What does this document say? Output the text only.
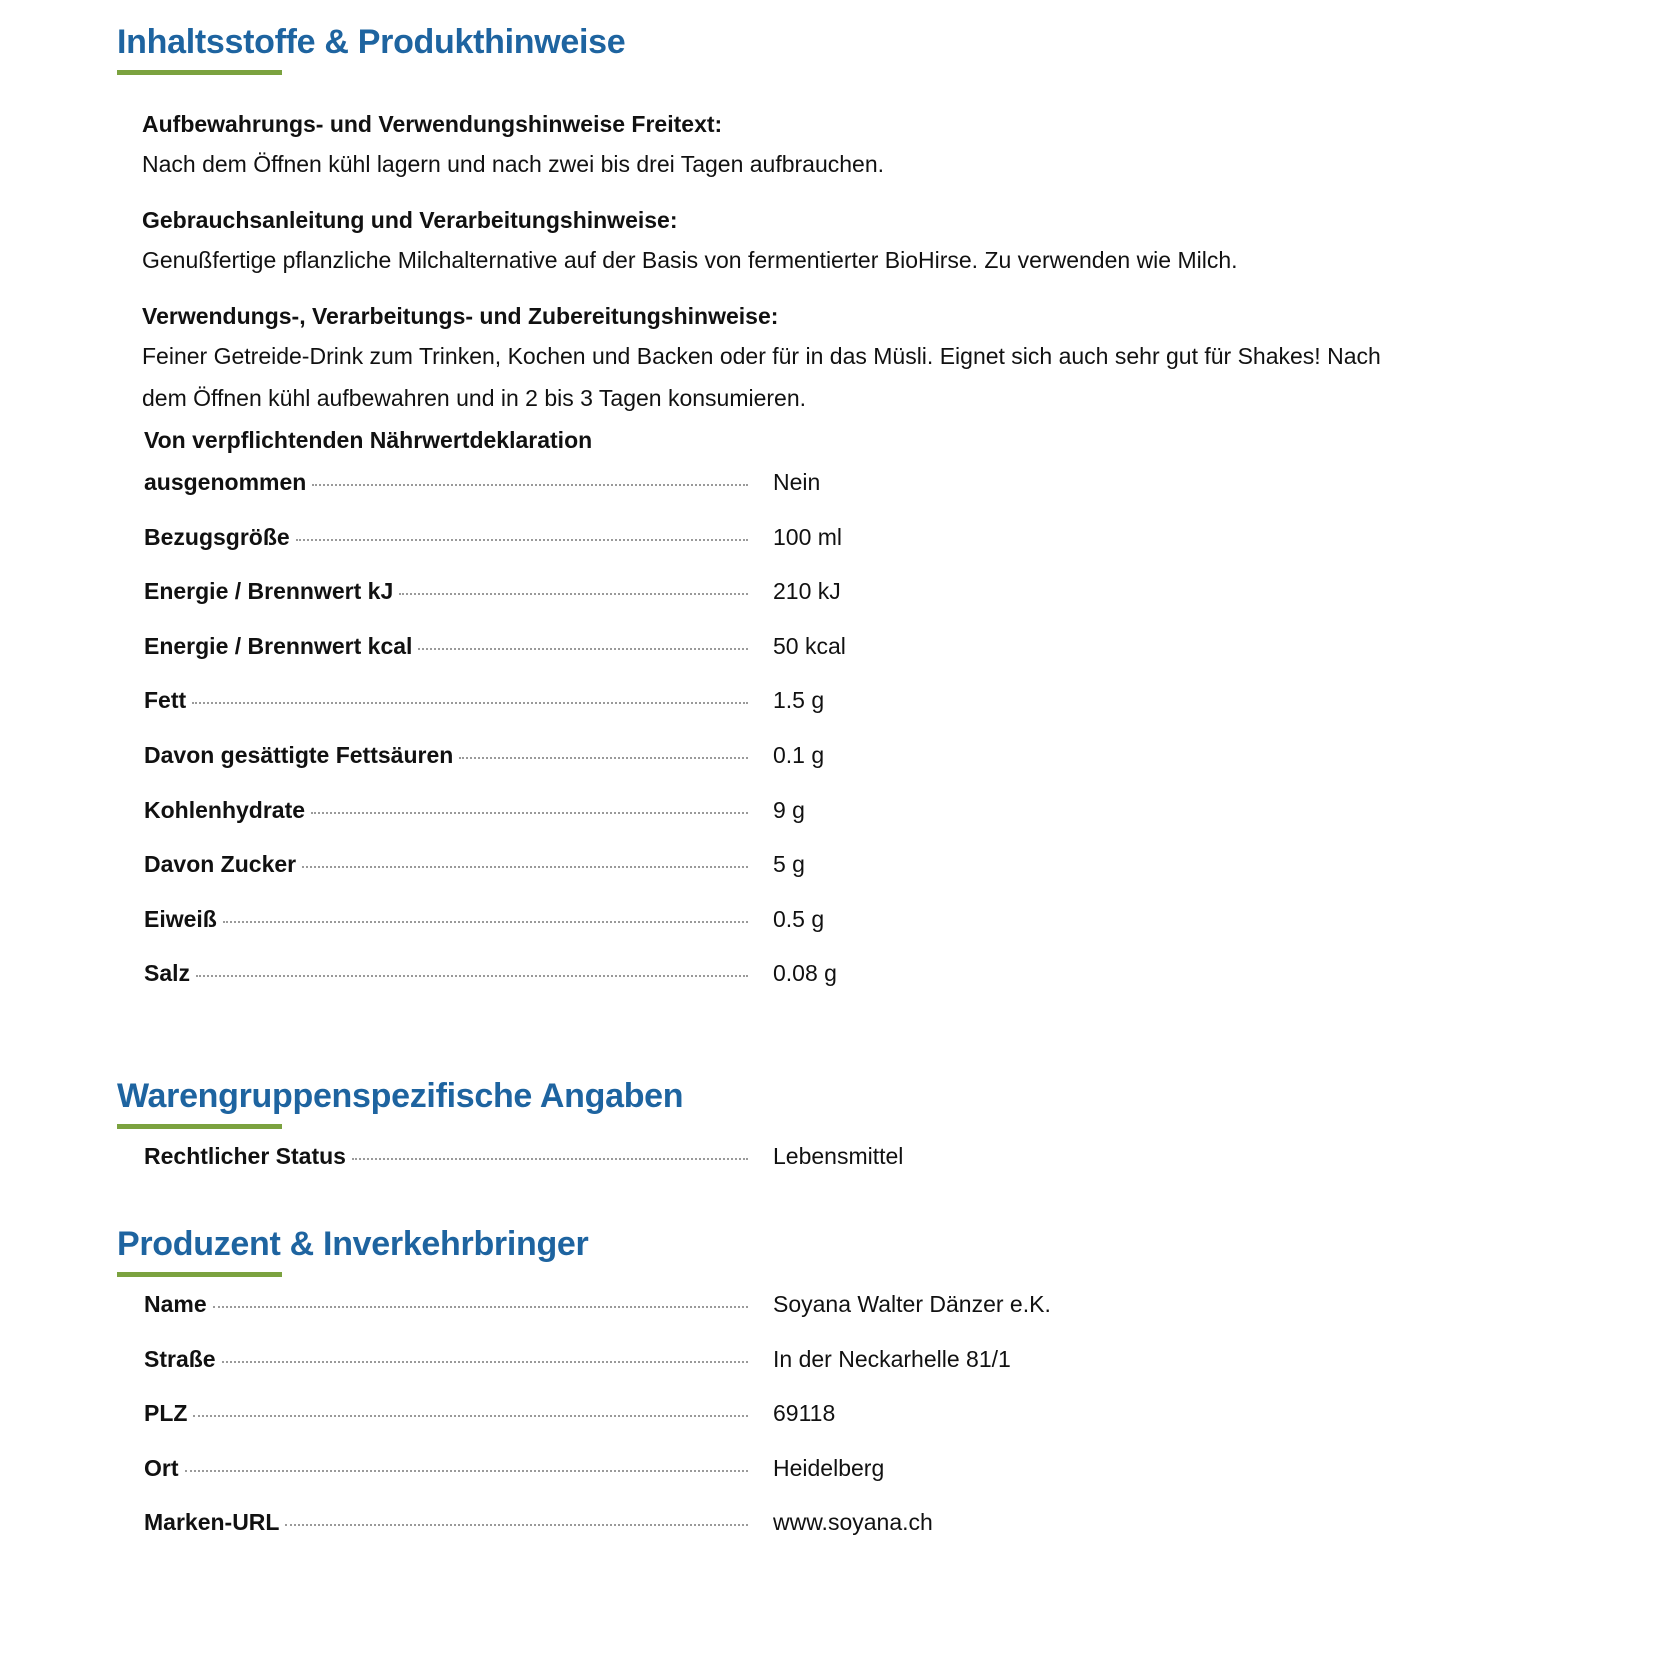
Inhaltsstoffe & Produkthinweise
Aufbewahrungs- und Verwendungshinweise Freitext:
Nach dem Öffnen kühl lagern und nach zwei bis drei Tagen aufbrauchen.
Gebrauchsanleitung und Verarbeitungshinweise:
Genußfertige pflanzliche Milchalternative auf der Basis von fermentierter BioHirse. Zu verwenden wie Milch.
Verwendungs-, Verarbeitungs- und Zubereitungshinweise:
Feiner Getreide-Drink zum Trinken, Kochen und Backen oder für in das Müsli. Eignet sich auch sehr gut für Shakes! Nach dem Öffnen kühl aufbewahren und in 2 bis 3 Tagen konsumieren.
Von verpflichtenden Nährwertdeklaration
ausgenommen	Nein
Bezugsgröße	100 ml
Energie / Brennwert kJ	210 kJ
Energie / Brennwert kcal	50 kcal
Fett	1.5 g
Davon gesättigte Fettsäuren	0.1 g
Kohlenhydrate	9 g
Davon Zucker	5 g
Eiweiß	0.5 g
Salz	0.08 g
Warengruppenspezifische Angaben
Rechtlicher Status	Lebensmittel
Produzent & Inverkehrbringer
Name	Soyana Walter Dänzer e.K.
Straße	In der Neckarhelle 81/1
PLZ	69118
Ort	Heidelberg
Marken-URL	www.soyana.ch
